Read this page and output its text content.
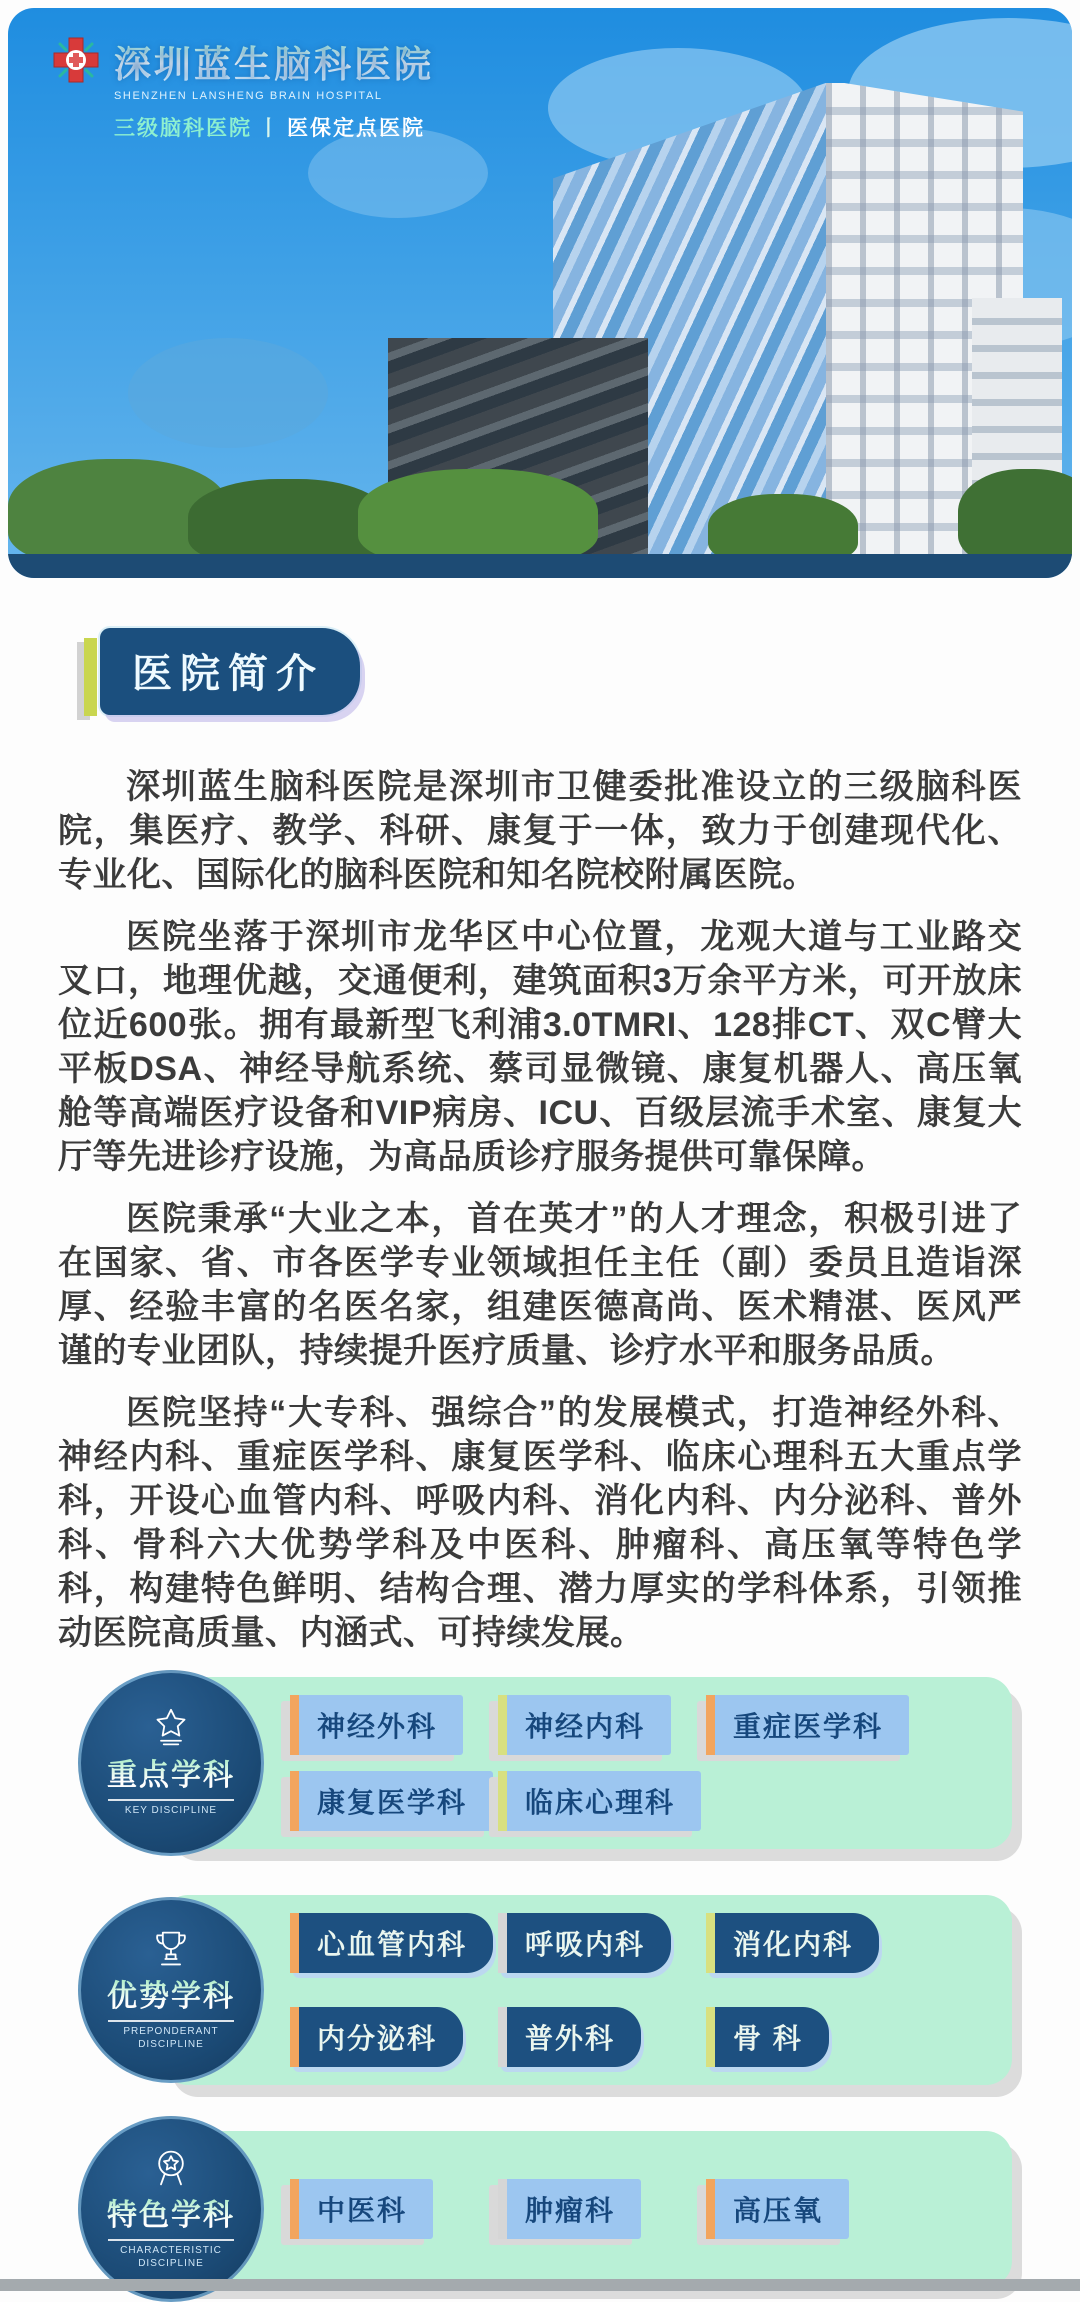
深圳蓝生脑科医院
SHENZHEN LANSHENG BRAIN HOSPITAL
三级脑科医院 丨 医保定点医院
医院简介

深圳蓝生脑科医院是深圳市卫健委批准设立的三级脑科医院，集医疗、教学、科研、康复于一体，致力于创建现代化、专业化、国际化的脑科医院和知名院校附属医院。

医院坐落于深圳市龙华区中心位置，龙观大道与工业路交叉口，地理优越，交通便利，建筑面积3万余平方米，可开放床位近600张。拥有最新型飞利浦3.0TMRI、128排CT、双C臂大平板DSA、神经导航系统、蔡司显微镜、康复机器人、高压氧舱等高端医疗设备和VIP病房、ICU、百级层流手术室、康复大厅等先进诊疗设施，为高品质诊疗服务提供可靠保障。

医院秉承“大业之本，首在英才”的人才理念，积极引进了在国家、省、市各医学专业领域担任主任（副）委员且造诣深厚、经验丰富的名医名家，组建医德高尚、医术精湛、医风严谨的专业团队，持续提升医疗质量、诊疗水平和服务品质。

医院坚持“大专科、强综合”的发展模式，打造神经外科、神经内科、重症医学科、康复医学科、临床心理科五大重点学科，开设心血管内科、呼吸内科、消化内科、内分泌科、普外科、骨科六大优势学科及中医科、肿瘤科、高压氧等特色学科，构建特色鲜明、结构合理、潜力厚实的学科体系，引领推动医院高质量、内涵式、可持续发展。

重点学科
KEY DISCIPLINE
神经外科	神经内科	重症医学科
康复医学科	临床心理科
优势学科
PREPONDERANT DISCIPLINE
心血管内科	呼吸内科	消化内科
内分泌科	普外科	骨 科
特色学科
CHARACTERISTIC DISCIPLINE
中医科	肿瘤科	高压氧
